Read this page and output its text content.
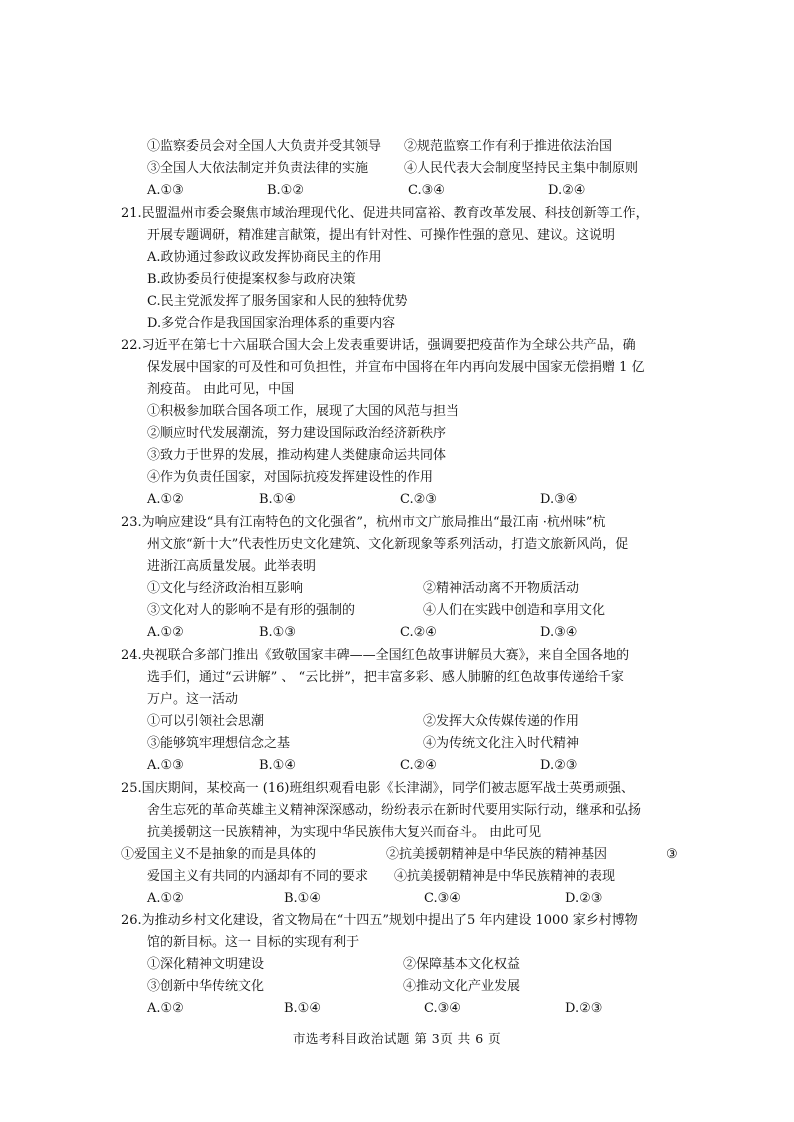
①监察委员会对全国人大负责并受其领导 ②规范监察工作有利于推进依法治国
③全国人大依法制定并负责法律的实施	④人民代表大会制度坚持民主集中制原则
A.①③	B.①②	C.③④	D.②④
21.民盟温州市委会聚焦市域治理现代化、促进共同富裕、教育改革发展、科技创新等工作，
开展专题调研，精准建言献策，提出有针对性、可操作性强的意见、建议。这说明
A.政协通过参政议政发挥协商民主的作用
B.政协委员行使提案权参与政府决策
C.民主党派发挥了服务国家和人民的独特优势
D.多党合作是我国国家治理体系的重要内容
22.习近平在第七十六届联合国大会上发表重要讲话，强调要把疫苗作为全球公共产品，确
保发展中国家的可及性和可负担性，并宣布中国将在年内再向发展中国家无偿捐赠 1 亿
剂疫苗。 由此可见，中国
①积极参加联合国各项工作，展现了大国的风范与担当
②顺应时代发展潮流，努力建设国际政治经济新秩序
③致力于世界的发展，推动构建人类健康命运共同体
④作为负责任国家，对国际抗疫发挥建设性的作用
A.①②	B.①④	C.②③	D.③④
23.为响应建设“具有江南特色的文化强省”，杭州市文广旅局推出“最江南 ·杭州味”杭
州文旅“新十大”代表性历史文化建筑、文化新现象等系列活动，打造文旅新风尚，促
进浙江高质量发展。此举表明
①文化与经济政治相互影响	②精神活动离不开物质活动
③文化对人的影响不是有形的强制的	④人们在实践中创造和享用文化
A.①②	B.①③	C.②④	D.③④
24.央视联合多部门推出《致敬国家丰碑——全国红色故事讲解员大赛》，来自全国各地的
选手们，通过“云讲解” 、 “云比拼”，把丰富多彩、感人肺腑的红色故事传递给千家
万户。这一活动
①可以引领社会思潮	②发挥大众传媒传递的作用
③能够筑牢理想信念之基	④为传统文化注入时代精神
A.①③	B.①④	C.②④	D.②③
25.国庆期间，某校高一 (16)班组织观看电影《长津湖》，同学们被志愿军战士英勇顽强、
舍生忘死的革命英雄主义精神深深感动，纷纷表示在新时代要用实际行动，继承和弘扬
抗美援朝这一民族精神，为实现中华民族伟大复兴而奋斗。 由此可见
①爱国主义不是抽象的而是具体的	②抗美援朝精神是中华民族的精神基因	③
爱国主义有共同的内涵却有不同的要求 ④抗美援朝精神是中华民族精神的表现
A.①②	B.①④	C.③④	D.②③
26.为推动乡村文化建设，省文物局在“十四五”规划中提出了5 年内建设 1000 家乡村博物
馆的新目标。这一 目标的实现有利于
①深化精神文明建设	②保障基本文化权益
③创新中华传统文化	④推动文化产业发展
A.①②	B.①④	C.③④	D.②③
市选考科目政治试题 第 3页 共 6 页
